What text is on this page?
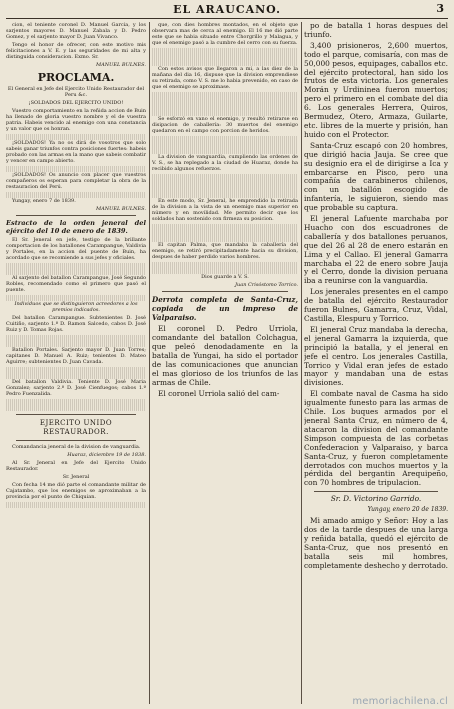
EL ARAUCANO.	3

cion, el teniente coronel D. Manuel Garcia, y los sarjentos mayores D. Manuel Zabala y D. Pedro Gomez, y el sarjento mayor D. Juan Vivanco.

Tengo el honor de ofrecer, con este motivo mis felicitaciones a V. E. y las seguridades de mi alta y distinguida consideracion. Exmo. Sr.

MANUEL BULNES.

PROCLAMA.

El General en Jefe del Ejercito Unido Restaurador del Peru &c.

¡SOLDADOS DEL EJERCITO UNIDO!

Vuestro comportamiento en la reñida accion de Buin ha llenado de gloria vuestro nombre y el de vuestra patria. Habeis vencido al enemigo con una constancia y un valor que os honran.

¡SOLDADOS! Ya no os dirá de vosotros que solo sabeis ganar triunfos contra posiciones fuertes: habeis probado con las armas en la mano que sabeis combatir y vencer en campo abierto.

¡SOLDADOS! Os anuncio con placer que vuestros compañeros os esperan para completar la obra de la restauracion del Perú.

Yungay, enero 7 de 1839.

MANUEL BULNES.

Estracto de la orden jeneral del ejército del 10 de enero de 1839.

El Sr. Jeneral en jefe, testigo de la brillante comportacion de los batallones Carampangue, Valdivia y Portales, en la accion del puente de Buin, ha acordado que se recomiende a sus jefes y oficiales.

Al sarjento del batallon Carampangue, José Segundo Robles, recomendado como el primero que pasó el puente.

Individuos que se distinguieron acreedores a los premios indicados.

Del batallon Carampangue. Subtenientes D. José Cuitiño, sarjento 1.º D. Ramon Salcedo, cabos D. José Ruiz y D. Tomas Rojas.

Batallon Portales. Sarjento mayor D. Juan Torres; capitanes D. Manuel A. Ruiz; tenientes D. Mateo Aguirre; subtenientes D. Juan Cavada.

Del batallon Valdivia. Teniente D. José Maria Gonzalez; sarjento 2.º D. José Cienfuegos; cabos 1.º Pedro Fuenzalida.

EJERCITO UNIDO RESTAURADOR.

Comandancia jeneral de la division de vanguardia.

Huaraz, diciembre 19 de 1838.

Al Sr. Jeneral en Jefe del Ejercito Unido Restaurador.

Sr. Jeneral

Con fecha 14 me dió parte el comandante militar de Cajatambo, que los enemigos se aproximaban a la provincia por el punto de Chiquian.

que, con dies hombres montados, en el objeto que observara mas de cerca al enemigo. El 16 me dió parte este que se habia situado entre Chorgrillo y Malagua, y que el enemigo pasó a la cumbre del cerro con su fuerza.

Con estos avisos que llegaron a mi, a las diez de la mañana del dia 16, dispuse que la division emprendiese su retirada, como V. S. me lo habia prevenido, en caso de que el enemigo se aproximase.

Se esforzó en vano el enemigo, y resultó retirarse en disipacion de caballería: 30 muertos del enemigo quedaron en el campo con porcion de heridos.

La division de vanguardia, cumpliendo las ordenes de V. S., se ha replegado a la ciudad de Huaraz, donde ha recibido algunos refuerzos.

En este modo, Sr. Jeneral, he emprendido la retirada de la division a la vista de un enemigo mas superior en número y en movilidad. Me permito decir que los soldados han sostenido con firmeza su posicion.

El capitan Palma, que mandaba la caballería del enemigo, se retiró precipitadamente hacia su division, despues de haber perdido varios hombres.

Dios guarde a V. S.

Juan Crisóstomo Torrico.

Derrota completa de Santa-Cruz, copiada de un impreso de Valparaiso.

El coronel D. Pedro Urriola, comandante del batallon Colchagua, que peleó denodadamente en la batalla de Yungai, ha sido el portador de las comunicaciones que anuncian el mas glorioso de los triunfos de las armas de Chile.

El coronel Urriola salió del cam-

po de batalla 1 horas despues del triunfo.

3,400 prisioneros, 2,600 muertos, todo el parque, comisaría, con mas de 50,000 pesos, equipages, caballos etc. del ejército protectoral, han sido los frutos de esta victoria. Los generales Morán y Urdininea fueron muertos; pero el primero en el combate del dia 6. Los generales Herrera, Quiros, Bermudez, Otero, Armaza, Guilarte, etc. libres de la muerte y prisión, han huido con el Protector.

Santa-Cruz escapó con 20 hombres, que dirigió hacia Jauja. Se cree que su designio era el de dirigirse a Ica y embarcarse en Pisco, pero una compañía de carabineros chilenos, con un batallón escogido de infantería, le siguieron, siendo mas que probable su captura.

El jeneral Lafuente marchaba por Huacho con dos escuadrones de caballería y dos batallones peruanos, que del 26 al 28 de enero estarán en Lima y el Callao. El jeneral Gamarra marchaba el 22 de enero sobre Jauja y el Cerro, donde la division peruana iba a reunirse con la vanguardia.

Los jenerales presentes en el campo de batalla del ejército Restaurador fueron Bulnes, Gamarra, Cruz, Vidal, Castilla, Elespuru y Torrico.

El jeneral Cruz mandaba la derecha, el jeneral Gamarra la izquierda, que principió la batalla, y el jeneral en jefe el centro. Los jenerales Castilla, Torrico y Vidal eran jefes de estado mayor y mandaban una de estas divisiones.

El combate naval de Casma ha sido igualmente funesto para las armas de Chile. Los buques armados por el jeneral Santa Cruz, en número de 4, atacaron la division del comandante Simpson compuesta de las corbetas Confederacion y Valparaiso, y barca Santa-Cruz, y fueron completamente derrotados con muchos muertos y la pérdida del bergantin Arequipeño, con 70 hombres de tripulacion.

Sr. D. Victorino Garrido.

Yungay, enero 20 de 1839.

Mi amado amigo y Señor: Hoy a las dos de la tarde despues de una larga y reñida batalla, quedó el ejército de Santa-Cruz, que nos presentó en batalla seis mil hombres, completamente deshecho y derrotado.

memoriachilena.cl
